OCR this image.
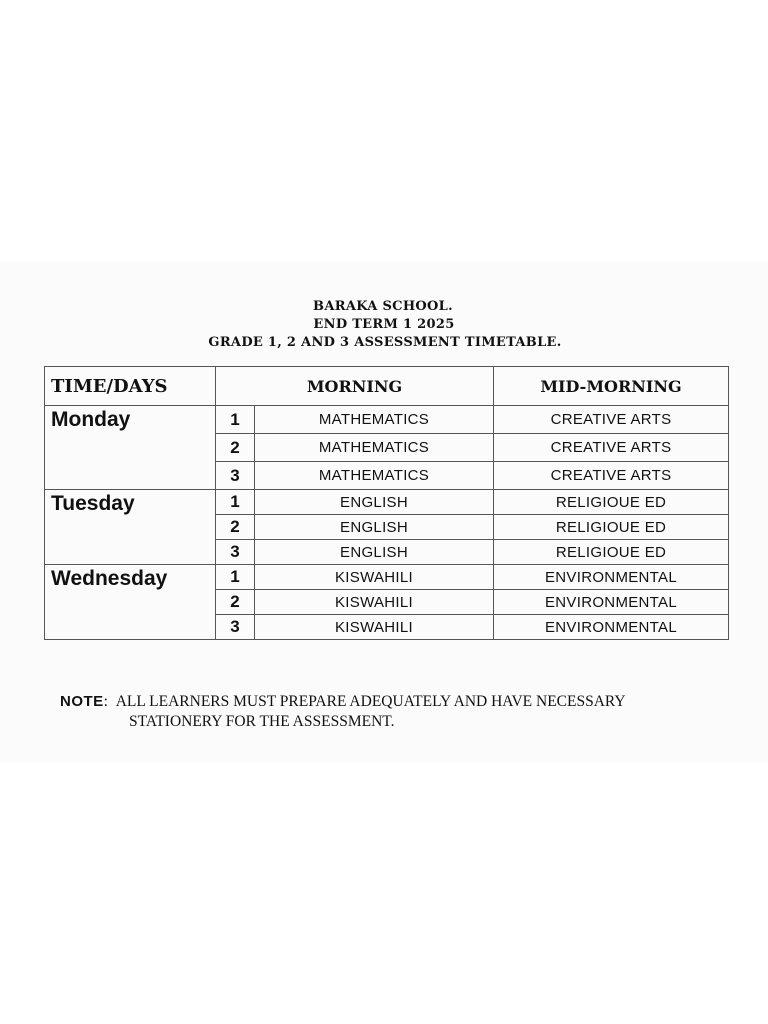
BARAKA SCHOOL.
END TERM 1 2025
GRADE 1, 2 AND 3 ASSESSMENT TIMETABLE.
TIME/DAYS	MORNING		MID-MORNING
Monday	1	MATHEMATICS	CREATIVE ARTS
	2	MATHEMATICS	CREATIVE ARTS
	3	MATHEMATICS	CREATIVE ARTS
Tuesday	1	ENGLISH	RELIGIOUE ED
	2	ENGLISH	RELIGIOUE ED
	3	ENGLISH	RELIGIOUE ED
Wednesday	1	KISWAHILI	ENVIRONMENTAL
	2	KISWAHILI	ENVIRONMENTAL
	3	KISWAHILI	ENVIRONMENTAL
NOTE: ALL LEARNERS MUST PREPARE ADEQUATELY AND HAVE NECESSARY
STATIONERY FOR THE ASSESSMENT.
